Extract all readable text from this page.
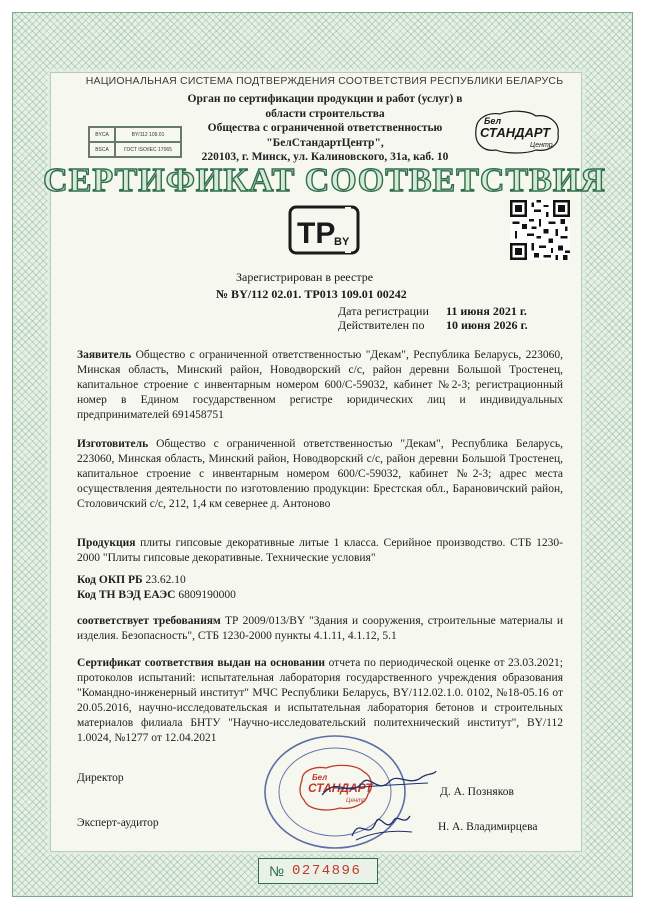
НАЦИОНАЛЬНАЯ СИСТЕМА ПОДТВЕРЖДЕНИЯ СООТВЕТСТВИЯ РЕСПУБЛИКИ БЕЛАРУСЬ
Орган по сертификации продукции и работ (услуг) в
области строительства
Общества с ограниченной ответственностью
"БелСтандартЦентр",
220103, г. Минск, ул. Калиновского, 31а, каб. 10
BYCA	BY/112 109.01
BSCA	ГОСТ ISO/IEC 17065
Бел
СТАНДАРТ
Центр
СЕРТИФИКАТ СООТВЕТСТВИЯ
TP
BY
Зарегистрирован в реестре
№ BY/112 02.01. ТР013 109.01 00242
Дата регистрации 11 июня 2021 г.
Действителен по 10 июня 2026 г.
Заявитель Общество с ограниченной ответственностью "Декам", Республика Беларусь, 223060, Минская область, Минский район, Новодворский с/с, район деревни Большой Тростенец, капитальное строение с инвентарным номером 600/С-59032, кабинет №2-3; регистрационный номер в Едином государственном регистре юридических лиц и индивидуальных предпринимателей 691458751
Изготовитель Общество с ограниченной ответственностью "Декам", Республика Беларусь, 223060, Минская область, Минский район, Новодворский с/с, район деревни Большой Тростенец, капитальное строение с инвентарным номером 600/С-59032, кабинет №2-3; адрес места осуществления деятельности по изготовлению продукции: Брестская обл., Барановичский район, Столовичский с/с, 212, 1,4 км севернее д. Антоново
Продукция плиты гипсовые декоративные литые 1 класса. Серийное производство. СТБ 1230-2000 "Плиты гипсовые декоративные. Технические условия"
Код ОКП РБ 23.62.10
Код ТН ВЭД ЕАЭС 6809190000
соответствует требованиям ТР 2009/013/BY "Здания и сооружения, строительные материалы и изделия. Безопасность", СТБ 1230-2000 пункты 4.1.11, 4.1.12, 5.1
Сертификат соответствия выдан на основании отчета по периодической оценке от 23.03.2021; протоколов испытаний: испытательная лаборатория государственного учреждения образования "Командно-инженерный институт" МЧС Республики Беларусь, BY/112.02.1.0. 0102, №18-05.16 от 20.05.2016, научно-исследовательская и испытательная лаборатория бетонов и строительных материалов филиала БНТУ "Научно-исследовательский политехнический институт", BY/112 1.0024, №1277 от 12.04.2021
Бел
СТАНДАРТ
Центр
Директор
Д. А. Позняков
Эксперт-аудитор	Н. А. Владимирцева
№ 0274896
